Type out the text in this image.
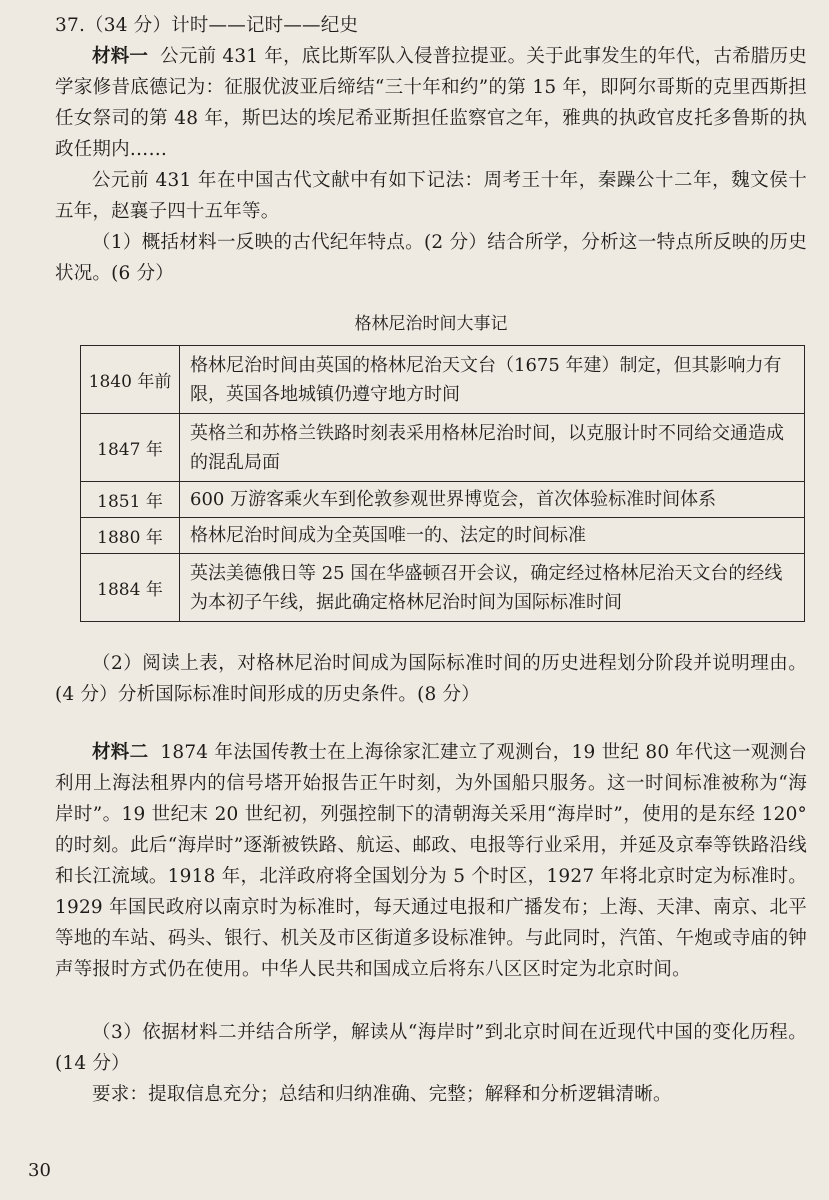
37.（34 分）计时——记时——纪史

材料一 公元前 431 年，底比斯军队入侵普拉提亚。关于此事发生的年代，古希腊历史学家修昔底德记为：征服优波亚后缔结“三十年和约”的第 15 年，即阿尔哥斯的克里西斯担任女祭司的第 48 年，斯巴达的埃尼希亚斯担任监察官之年，雅典的执政官皮托多鲁斯的执政任期内……

公元前 431 年在中国古代文献中有如下记法：周考王十年，秦躁公十二年，魏文侯十五年，赵襄子四十五年等。

（1）概括材料一反映的古代纪年特点。(2 分）结合所学，分析这一特点所反映的历史状况。(6 分）

格林尼治时间大事记
1840 年前	格林尼治时间由英国的格林尼治天文台（1675 年建）制定，但其影响力有限，英国各地城镇仍遵守地方时间
1847 年	英格兰和苏格兰铁路时刻表采用格林尼治时间，以克服计时不同给交通造成的混乱局面
1851 年	600 万游客乘火车到伦敦参观世界博览会，首次体验标准时间体系
1880 年	格林尼治时间成为全英国唯一的、法定的时间标准
1884 年	英法美德俄日等 25 国在华盛顿召开会议，确定经过格林尼治天文台的经线为本初子午线，据此确定格林尼治时间为国际标准时间

（2）阅读上表，对格林尼治时间成为国际标准时间的历史进程划分阶段并说明理由。(4 分）分析国际标准时间形成的历史条件。(8 分）

材料二 1874 年法国传教士在上海徐家汇建立了观测台，19 世纪 80 年代这一观测台利用上海法租界内的信号塔开始报告正午时刻，为外国船只服务。这一时间标准被称为“海岸时”。19 世纪末 20 世纪初，列强控制下的清朝海关采用“海岸时”，使用的是东经 120° 的时刻。此后“海岸时”逐渐被铁路、航运、邮政、电报等行业采用，并延及京奉等铁路沿线和长江流域。1918 年，北洋政府将全国划分为 5 个时区，1927 年将北京时定为标准时。1929 年国民政府以南京时为标准时，每天通过电报和广播发布；上海、天津、南京、北平等地的车站、码头、银行、机关及市区街道多设标准钟。与此同时，汽笛、午炮或寺庙的钟声等报时方式仍在使用。中华人民共和国成立后将东八区区时定为北京时间。

（3）依据材料二并结合所学，解读从“海岸时”到北京时间在近现代中国的变化历程。(14 分）

要求：提取信息充分；总结和归纳准确、完整；解释和分析逻辑清晰。

30
